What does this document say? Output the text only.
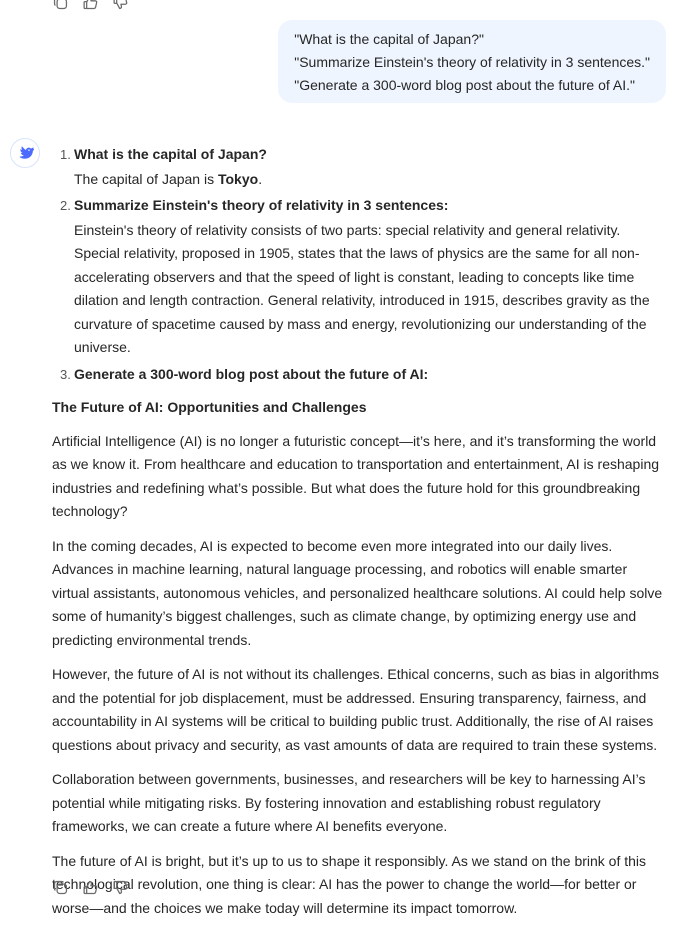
"What is the capital of Japan?"
"Summarize Einstein's theory of relativity in 3 sentences."
"Generate a 300-word blog post about the future of AI."
1. What is the capital of Japan?
The capital of Japan is Tokyo.
2. Summarize Einstein's theory of relativity in 3 sentences:
Einstein's theory of relativity consists of two parts: special relativity and general relativity. Special relativity, proposed in 1905, states that the laws of physics are the same for all non-accelerating observers and that the speed of light is constant, leading to concepts like time dilation and length contraction. General relativity, introduced in 1915, describes gravity as the curvature of spacetime caused by mass and energy, revolutionizing our understanding of the universe.
3. Generate a 300-word blog post about the future of AI:
The Future of AI: Opportunities and Challenges

Artificial Intelligence (AI) is no longer a futuristic concept—it’s here, and it’s transforming the world as we know it. From healthcare and education to transportation and entertainment, AI is reshaping industries and redefining what’s possible. But what does the future hold for this groundbreaking technology?

In the coming decades, AI is expected to become even more integrated into our daily lives. Advances in machine learning, natural language processing, and robotics will enable smarter virtual assistants, autonomous vehicles, and personalized healthcare solutions. AI could help solve some of humanity’s biggest challenges, such as climate change, by optimizing energy use and predicting environmental trends.

However, the future of AI is not without its challenges. Ethical concerns, such as bias in algorithms and the potential for job displacement, must be addressed. Ensuring transparency, fairness, and accountability in AI systems will be critical to building public trust. Additionally, the rise of AI raises questions about privacy and security, as vast amounts of data are required to train these systems.

Collaboration between governments, businesses, and researchers will be key to harnessing AI’s potential while mitigating risks. By fostering innovation and establishing robust regulatory frameworks, we can create a future where AI benefits everyone.

The future of AI is bright, but it’s up to us to shape it responsibly. As we stand on the brink of this technological revolution, one thing is clear: AI has the power to change the world—for better or worse—and the choices we make today will determine its impact tomorrow.
